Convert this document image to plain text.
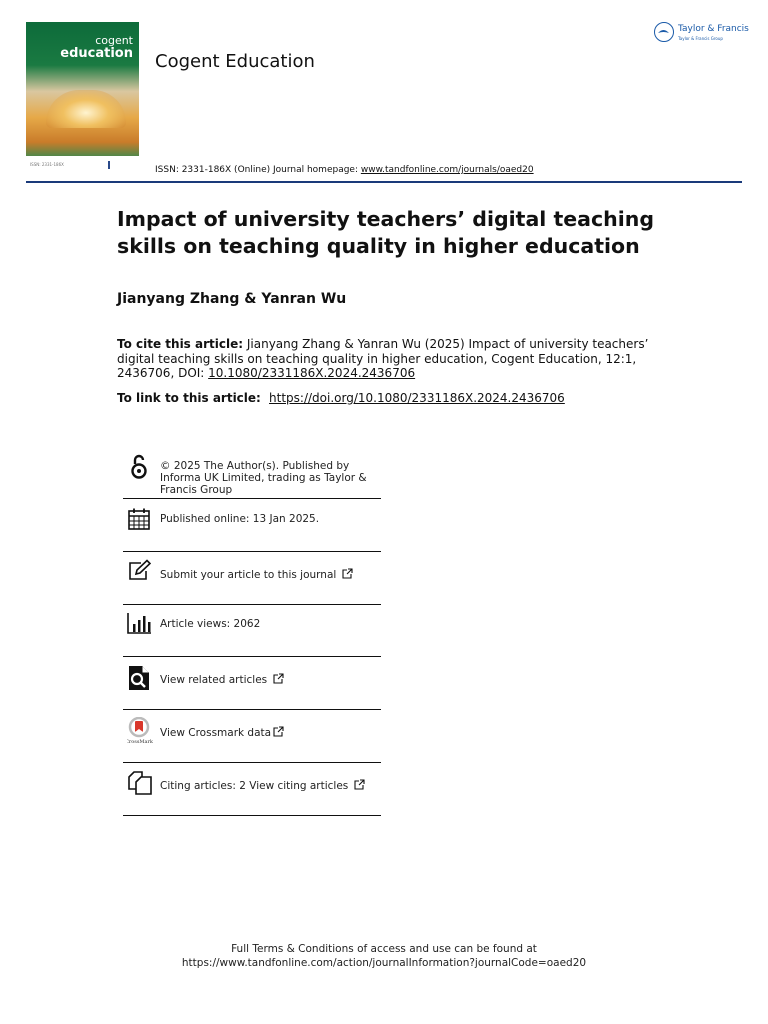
cogent
education
ISSN: 2331-186X
Cogent Education
Taylor & Francis
Taylor & Francis Group
ISSN: 2331-186X (Online) Journal homepage: www.tandfonline.com/journals/oaed20
Impact of university teachers’ digital teaching skills on teaching quality in higher education
Jianyang Zhang & Yanran Wu
To cite this article: Jianyang Zhang & Yanran Wu (2025) Impact of university teachers’ digital teaching skills on teaching quality in higher education, Cogent Education, 12:1, 2436706, DOI: 10.1080/2331186X.2024.2436706
To link to this article: https://doi.org/10.1080/2331186X.2024.2436706
© 2025 The Author(s). Published by Informa UK Limited, trading as Taylor & Francis Group
Published online: 13 Jan 2025.
Submit your article to this journal
Article views: 2062
View related articles
CrossMark
View Crossmark data
Citing articles: 2 View citing articles
Full Terms & Conditions of access and use can be found at
https://www.tandfonline.com/action/journalInformation?journalCode=oaed20
